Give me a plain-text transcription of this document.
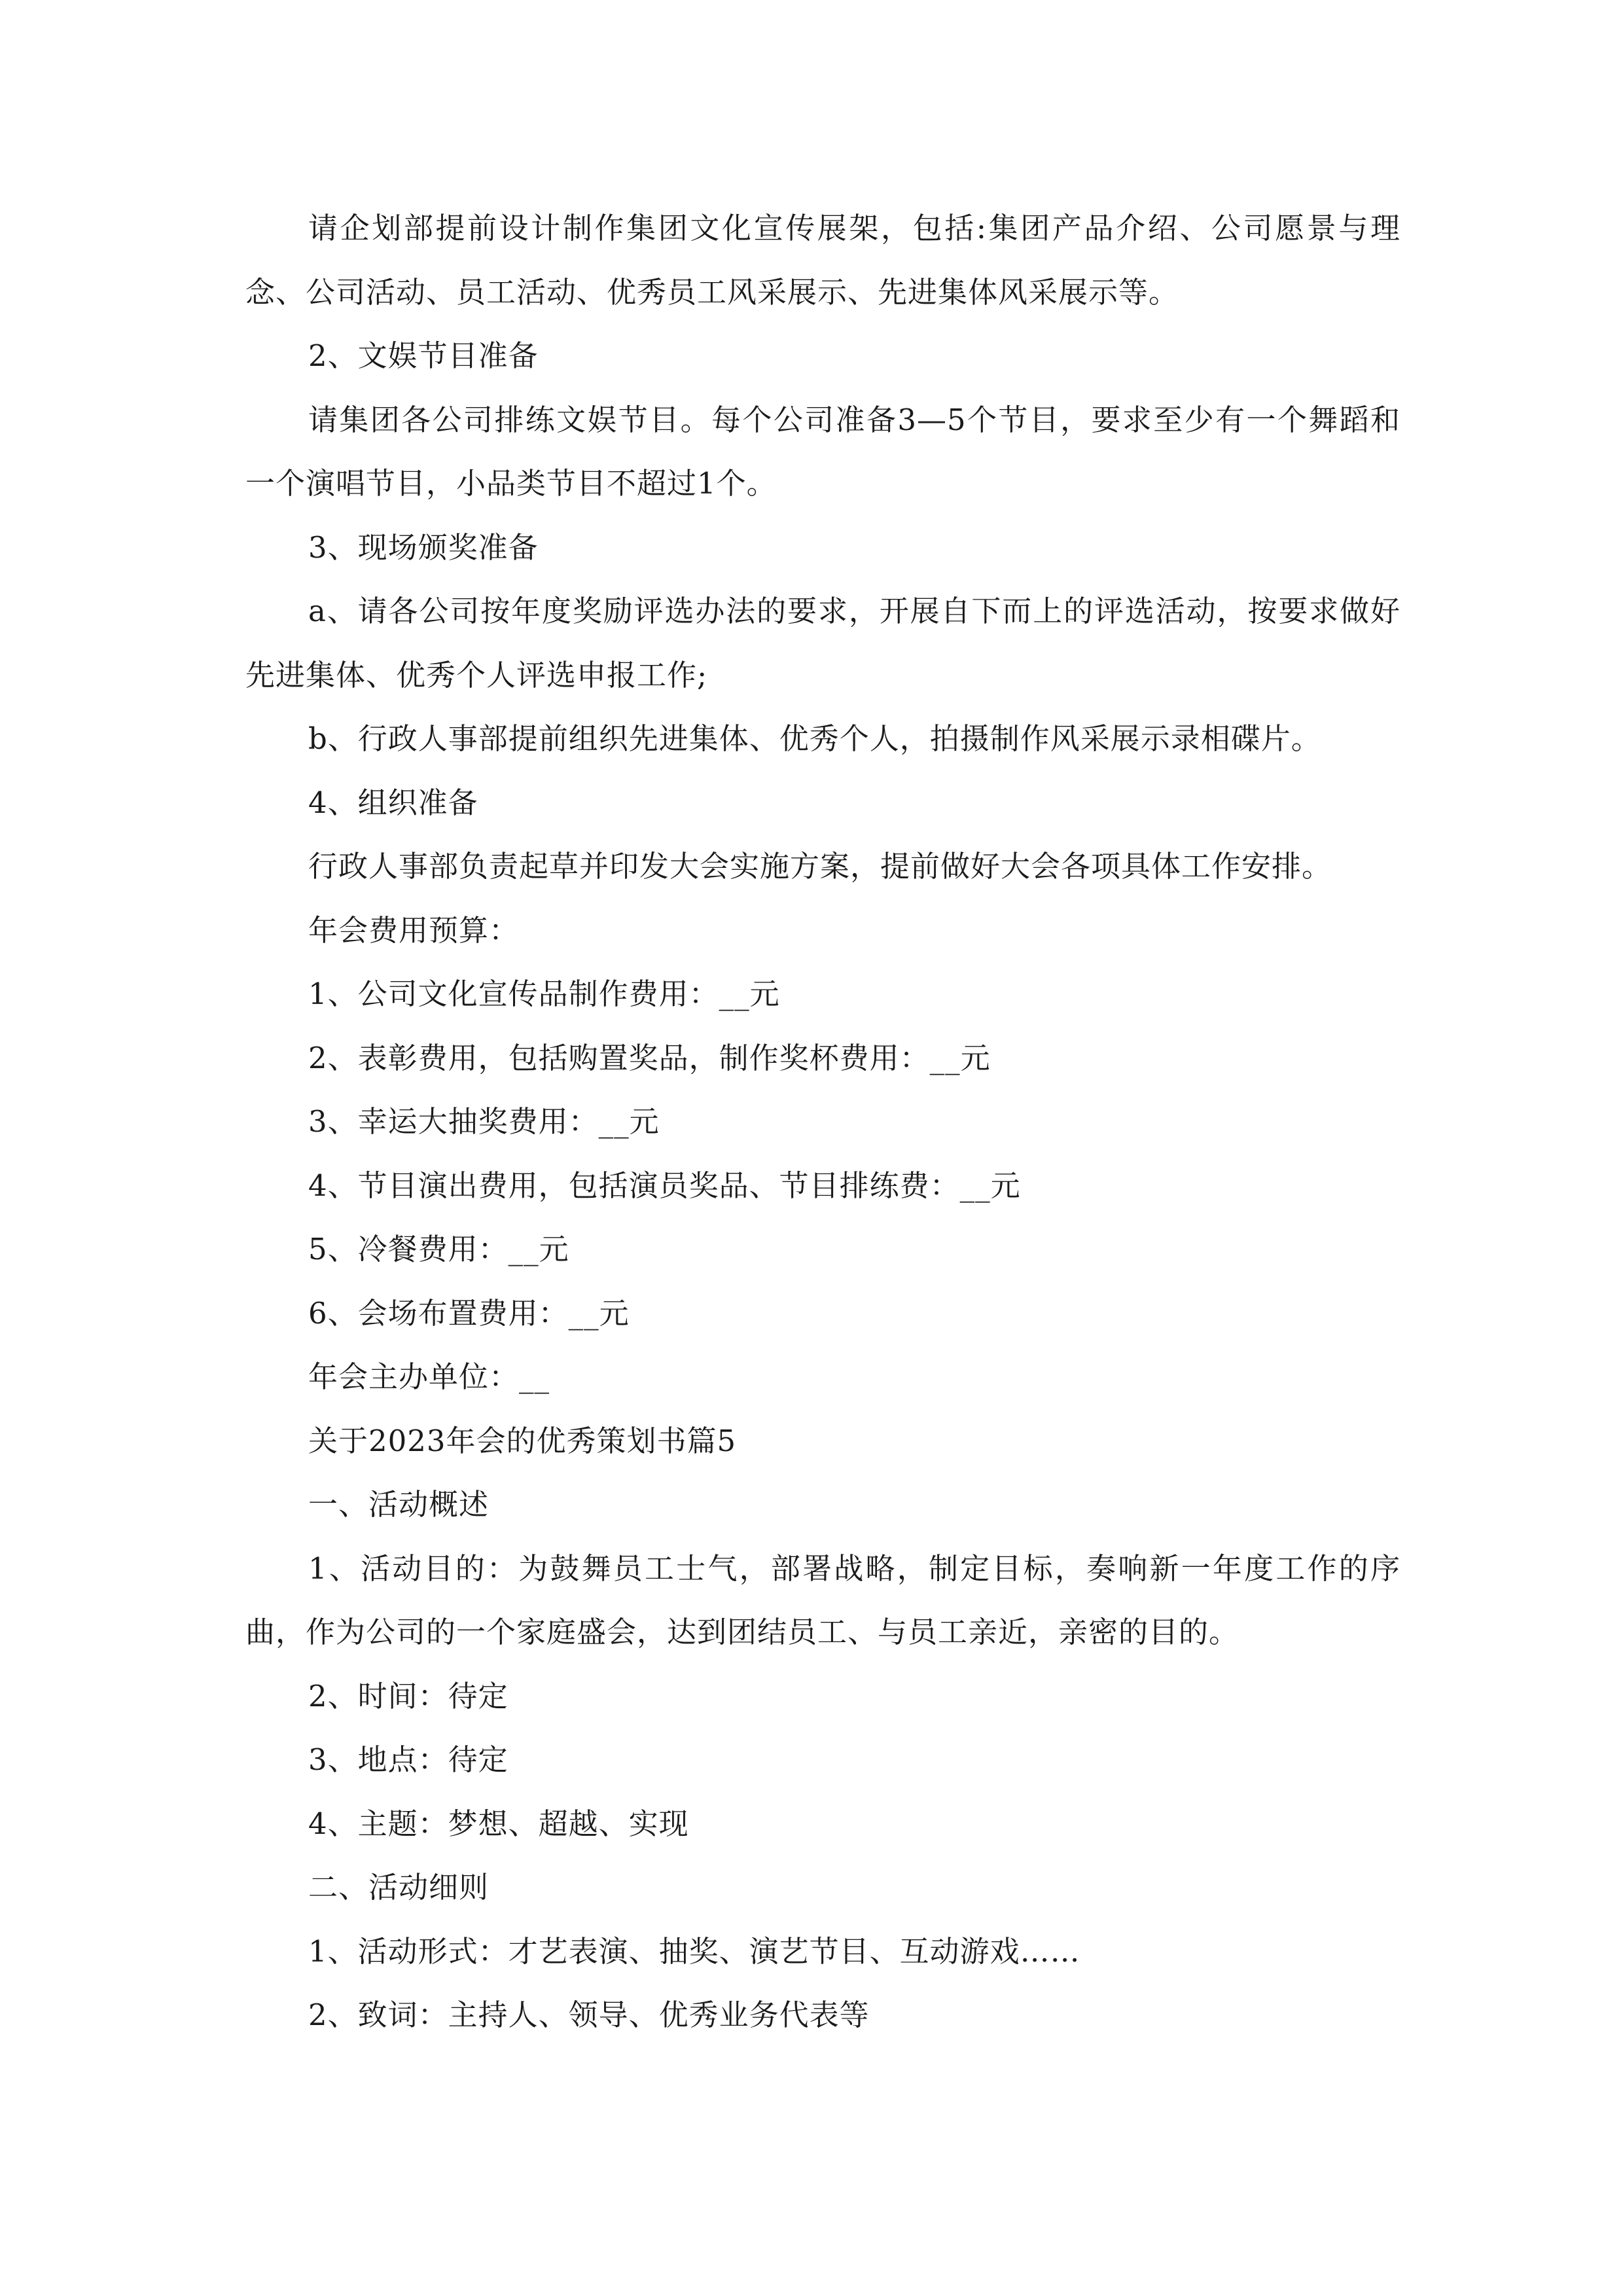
请企划部提前设计制作集团文化宣传展架，包括:集团产品介绍、公司愿景与理念、公司活动、员工活动、优秀员工风采展示、先进集体风采展示等。

2、文娱节目准备

请集团各公司排练文娱节目。每个公司准备3—5个节目，要求至少有一个舞蹈和一个演唱节目，小品类节目不超过1个。

3、现场颁奖准备

a、请各公司按年度奖励评选办法的要求，开展自下而上的评选活动，按要求做好先进集体、优秀个人评选申报工作;

b、行政人事部提前组织先进集体、优秀个人，拍摄制作风采展示录相碟片。

4、组织准备

行政人事部负责起草并印发大会实施方案，提前做好大会各项具体工作安排。

年会费用预算：

1、公司文化宣传品制作费用：__元

2、表彰费用，包括购置奖品，制作奖杯费用：__元

3、幸运大抽奖费用：__元

4、节目演出费用，包括演员奖品、节目排练费：__元

5、冷餐费用：__元

6、会场布置费用：__元

年会主办单位：__

关于2023年会的优秀策划书篇5

一、活动概述

1、活动目的：为鼓舞员工士气，部署战略，制定目标，奏响新一年度工作的序曲，作为公司的一个家庭盛会，达到团结员工、与员工亲近，亲密的目的。

2、时间：待定

3、地点：待定

4、主题：梦想、超越、实现

二、活动细则

1、活动形式：才艺表演、抽奖、演艺节目、互动游戏……

2、致词：主持人、领导、优秀业务代表等
